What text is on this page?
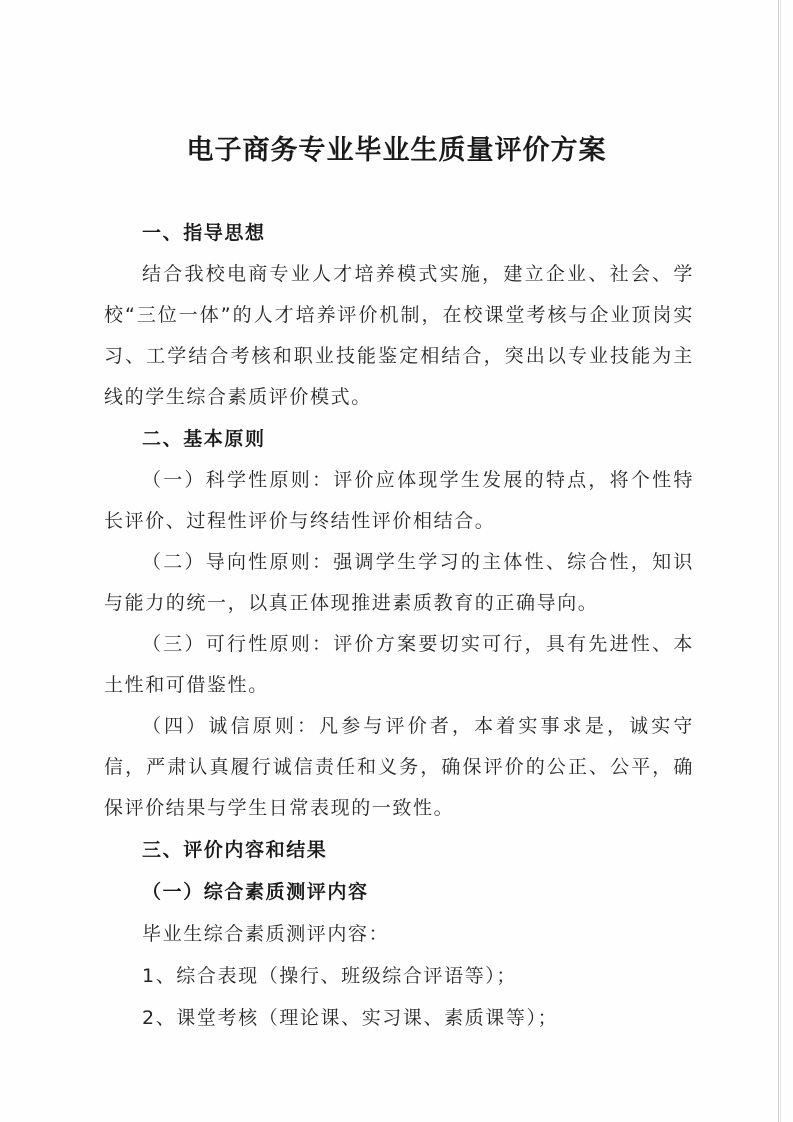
电子商务专业毕业生质量评价方案

一、指导思想

结合我校电商专业人才培养模式实施，建立企业、社会、学校“三位一体”的人才培养评价机制，在校课堂考核与企业顶岗实习、工学结合考核和职业技能鉴定相结合，突出以专业技能为主线的学生综合素质评价模式。

二、基本原则

（一）科学性原则：评价应体现学生发展的特点，将个性特长评价、过程性评价与终结性评价相结合。

（二）导向性原则：强调学生学习的主体性、综合性，知识与能力的统一，以真正体现推进素质教育的正确导向。

（三）可行性原则：评价方案要切实可行，具有先进性、本土性和可借鉴性。

（四）诚信原则：凡参与评价者，本着实事求是，诚实守信，严肃认真履行诚信责任和义务，确保评价的公正、公平，确保评价结果与学生日常表现的一致性。

三、评价内容和结果

（一）综合素质测评内容

毕业生综合素质测评内容：

1、综合表现（操行、班级综合评语等）；

2、课堂考核（理论课、实习课、素质课等）；
